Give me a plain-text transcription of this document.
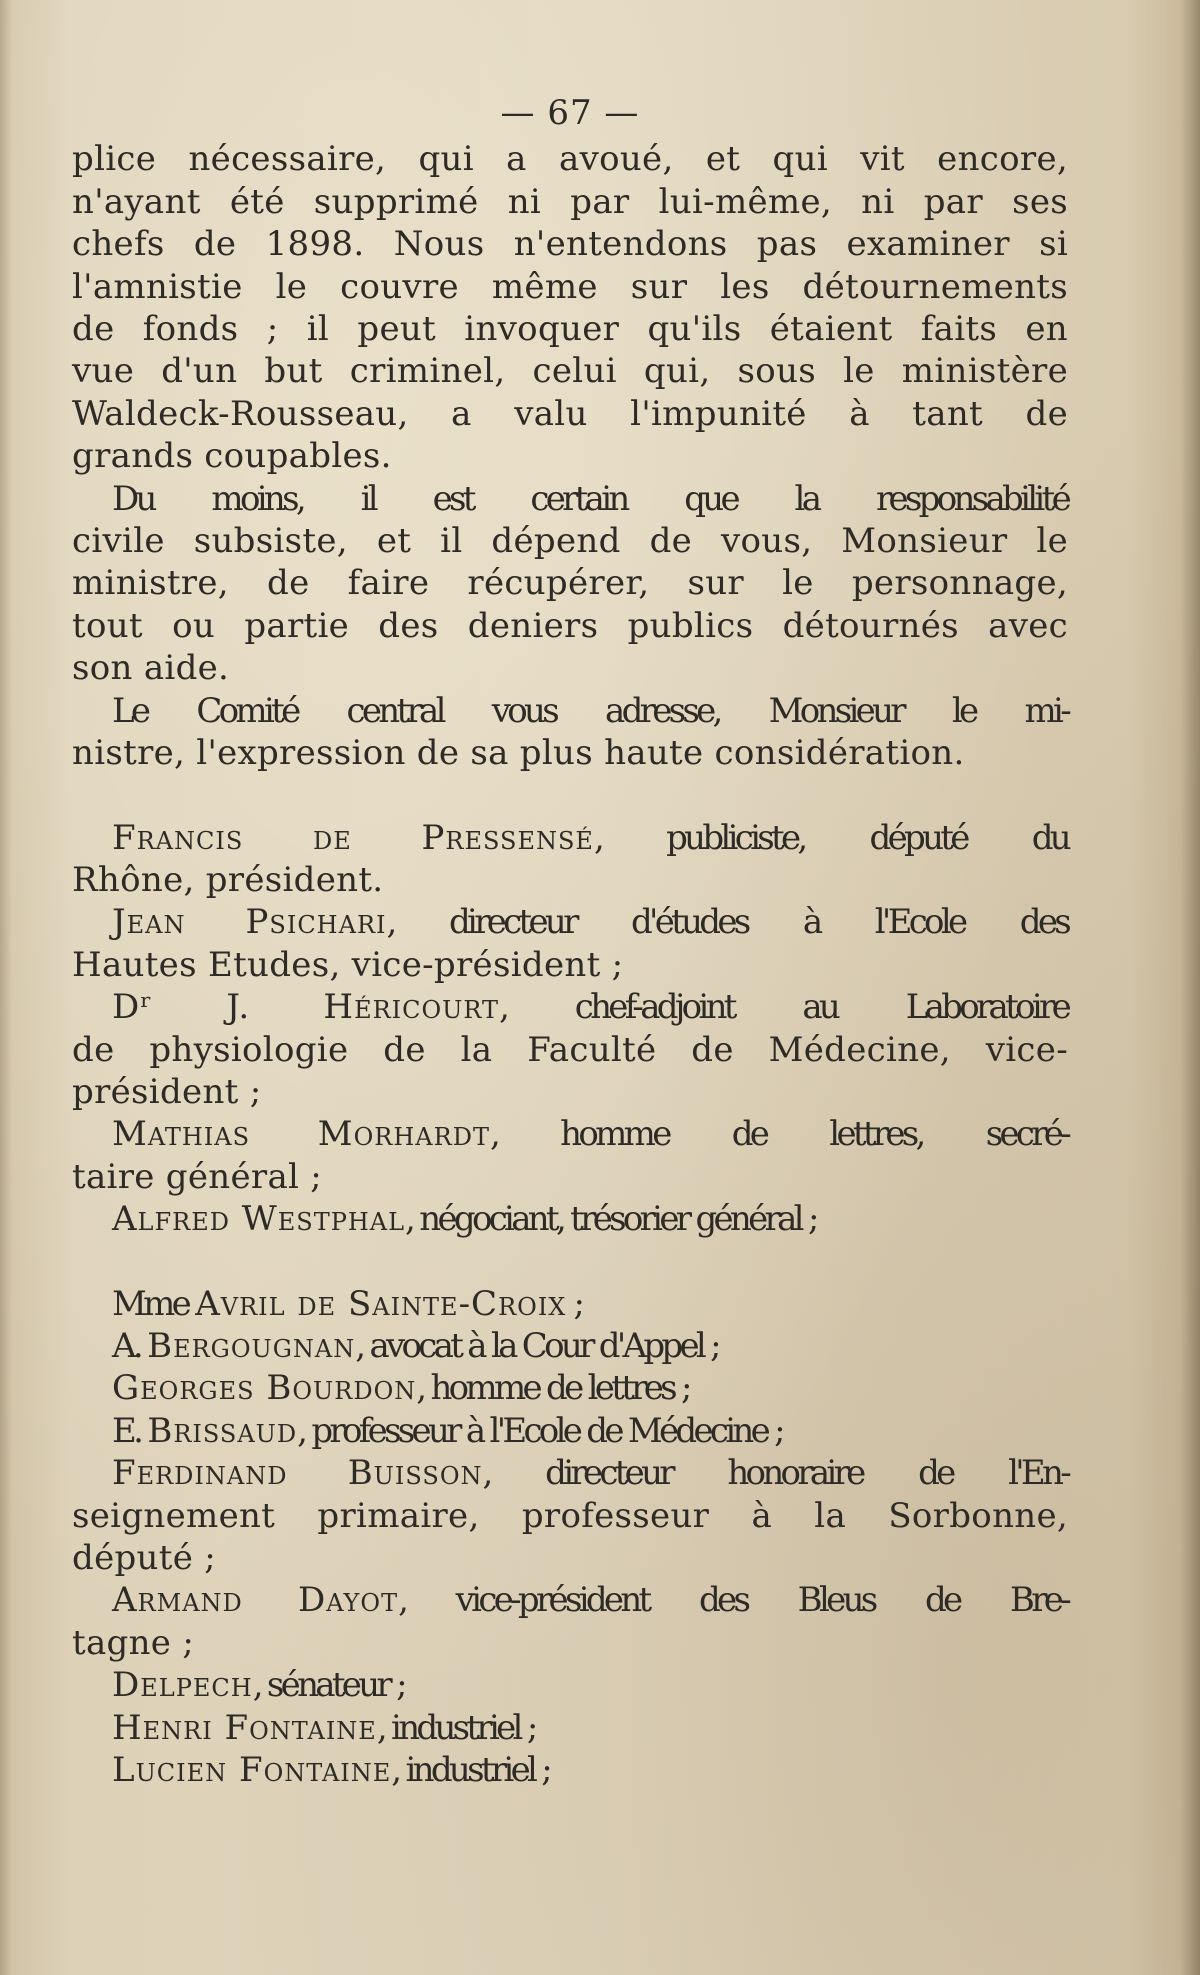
— 67 —
plice nécessaire, qui a avoué, et qui vit encore,
n'ayant été supprimé ni par lui-même, ni par ses
chefs de 1898. Nous n'entendons pas examiner si
l'amnistie le couvre même sur les détournements
de fonds ; il peut invoquer qu'ils étaient faits en
vue d'un but criminel, celui qui, sous le ministère
Waldeck-Rousseau, a valu l'impunité à tant de
grands coupables.
Du moins, il est certain que la responsabilité
civile subsiste, et il dépend de vous, Monsieur le
ministre, de faire récupérer, sur le personnage,
tout ou partie des deniers publics détournés avec
son aide.
Le Comité central vous adresse, Monsieur le mi-
nistre, l'expression de sa plus haute considération.
Francis de Pressensé, publiciste, député du
Rhône, président.
Jean Psichari, directeur d'études à l'Ecole des
Hautes Etudes, vice-président ;
Dʳ J. Héricourt, chef-adjoint au Laboratoire
de physiologie de la Faculté de Médecine, vice-
président ;
Mathias Morhardt, homme de lettres, secré-
taire général ;
Alfred Westphal, négociant, trésorier général ;
Mme Avril de Sainte-Croix ;
A. Bergougnan, avocat à la Cour d'Appel ;
Georges Bourdon, homme de lettres ;
E. Brissaud, professeur à l'Ecole de Médecine ;
Ferdinand Buisson, directeur honoraire de l'En-
seignement primaire, professeur à la Sorbonne,
député ;
Armand Dayot, vice-président des Bleus de Bre-
tagne ;
Delpech, sénateur ;
Henri Fontaine, industriel ;
Lucien Fontaine, industriel ;
